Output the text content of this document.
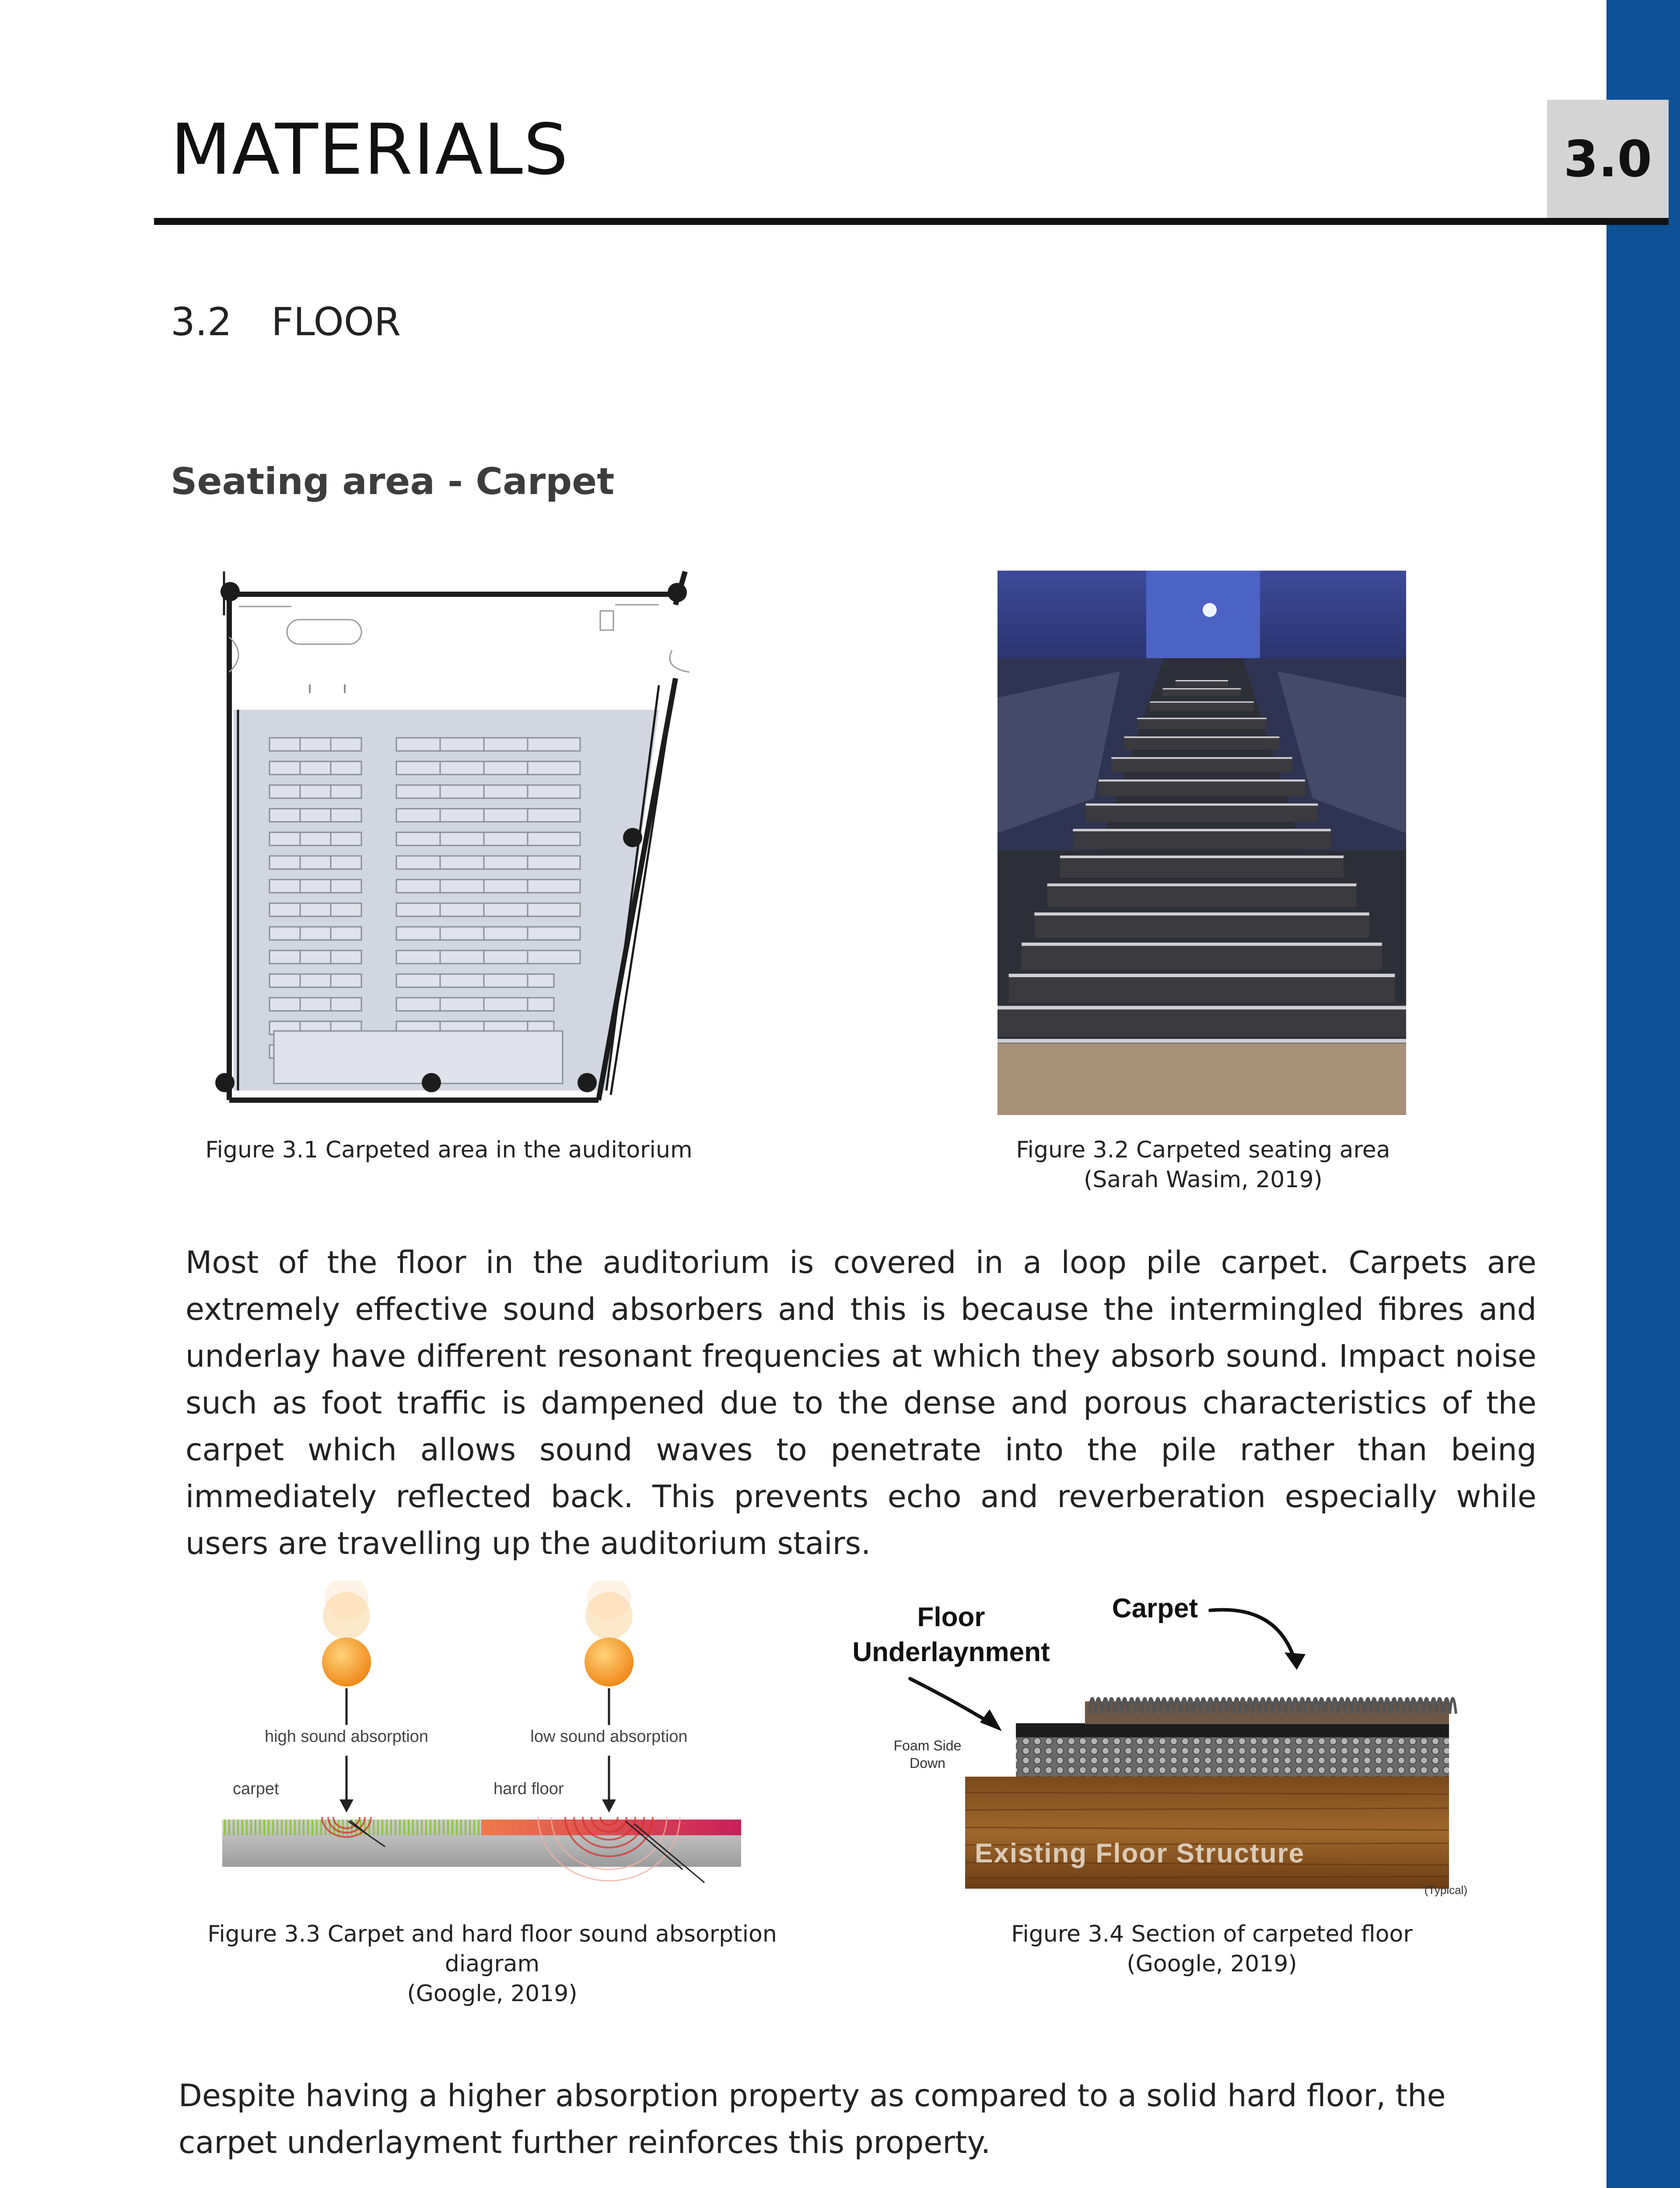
3.0
MATERIALS
3.2 FLOOR
Seating area - Carpet
Figure 3.1 Carpeted area in the auditorium	Figure 3.2 Carpeted seating area
(Sarah Wasim, 2019)
Most of the floor in the auditorium is covered in a loop pile carpet. Carpets are extremely effective sound absorbers and this is because the intermingled fibres and underlay have different resonant frequencies at which they absorb sound. Impact noise such as foot traffic is dampened due to the dense and porous characteristics of the carpet which allows sound waves to penetrate into the pile rather than being immediately reflected back. This prevents echo and reverberation especially while users are travelling up the auditorium stairs.
high sound absorption	low sound absorption
carpet	hard floor
Figure 3.3 Carpet and hard floor sound absorption
diagram
(Google, 2019)
Existing Floor Structure
Floor
Underlaynment
Carpet
Foam Side
Down
(Typical)
Figure 3.4 Section of carpeted floor
(Google, 2019)
Despite having a higher absorption property as compared to a solid hard floor, the carpet underlayment further reinforces this property.
